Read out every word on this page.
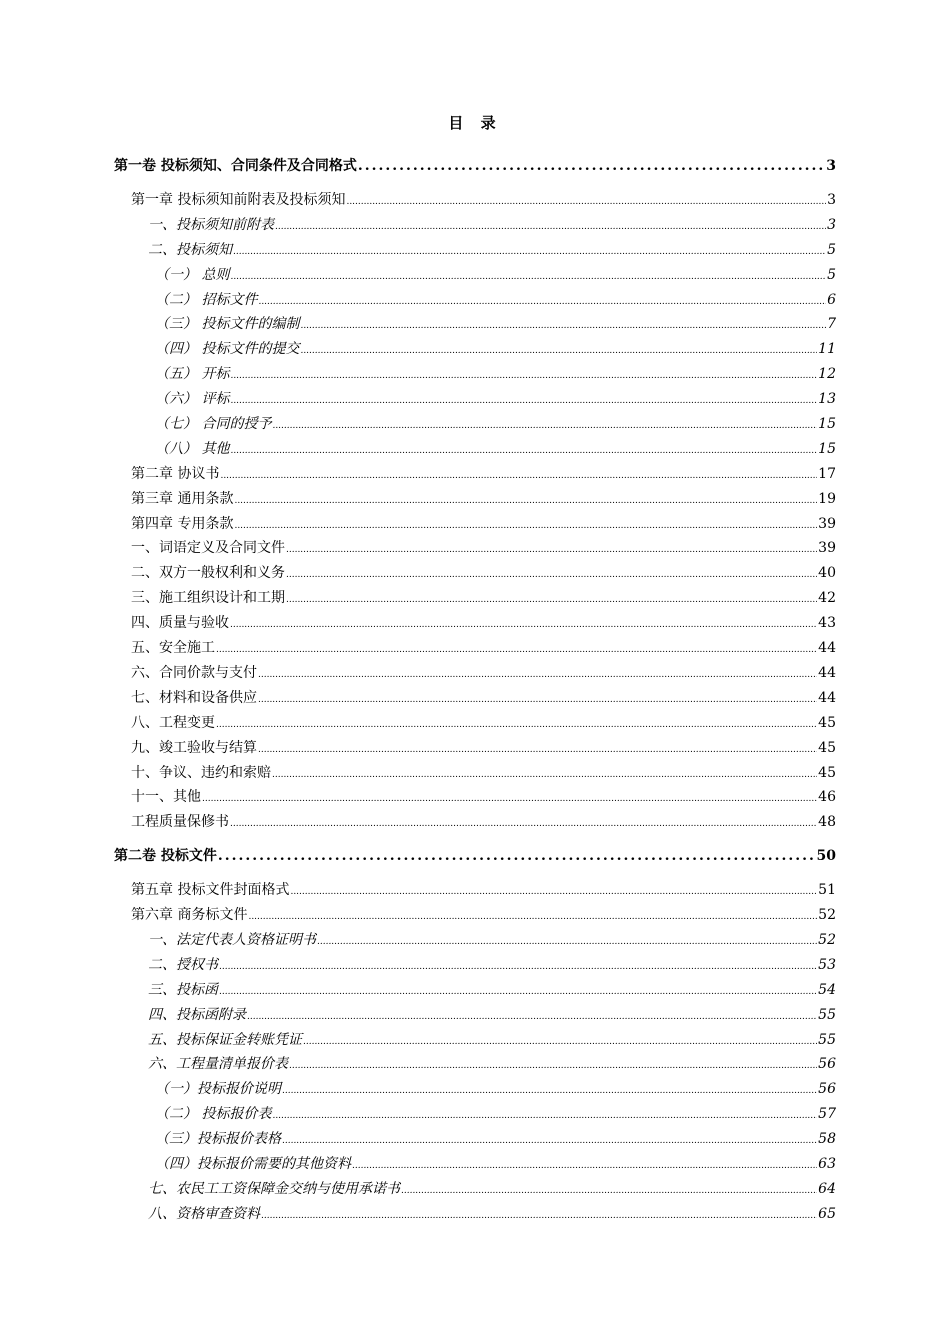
目 录
第一卷 投标须知、合同条件及合同格式 .....	3
第一章 投标须知前附表及投标须知 .....	3
一、投标须知前附表 .....	3
二、投标须知 .....	5
（一） 总则 .....	5
（二） 招标文件 .....	6
（三） 投标文件的编制 .....	7
（四） 投标文件的提交 .....	11
（五） 开标 .....	12
（六） 评标 .....	13
（七） 合同的授予 .....	15
（八） 其他 .....	15
第二章 协议书 .....	17
第三章 通用条款 .....	19
第四章 专用条款 .....	39
一、词语定义及合同文件 .....	39
二、双方一般权利和义务 .....	40
三、施工组织设计和工期 .....	42
四、质量与验收 .....	43
五、安全施工 .....	44
六、合同价款与支付 .....	44
七、材料和设备供应 .....	44
八、工程变更 .....	45
九、竣工验收与结算 .....	45
十、争议、违约和索赔 .....	45
十一、其他 .....	46
工程质量保修书 .....	48
第二卷 投标文件 .....	50
第五章 投标文件封面格式 .....	51
第六章 商务标文件 .....	52
一、法定代表人资格证明书 .....	52
二、授权书 .....	53
三、投标函 .....	54
四、投标函附录 .....	55
五、投标保证金转账凭证 .....	55
六、工程量清单报价表 .....	56
（一）投标报价说明 .....	56
（二） 投标报价表 .....	57
（三）投标报价表格 .....	58
（四）投标报价需要的其他资料 .....	63
七、农民工工资保障金交纳与使用承诺书 .....	64
八、资格审查资料 .....	65
